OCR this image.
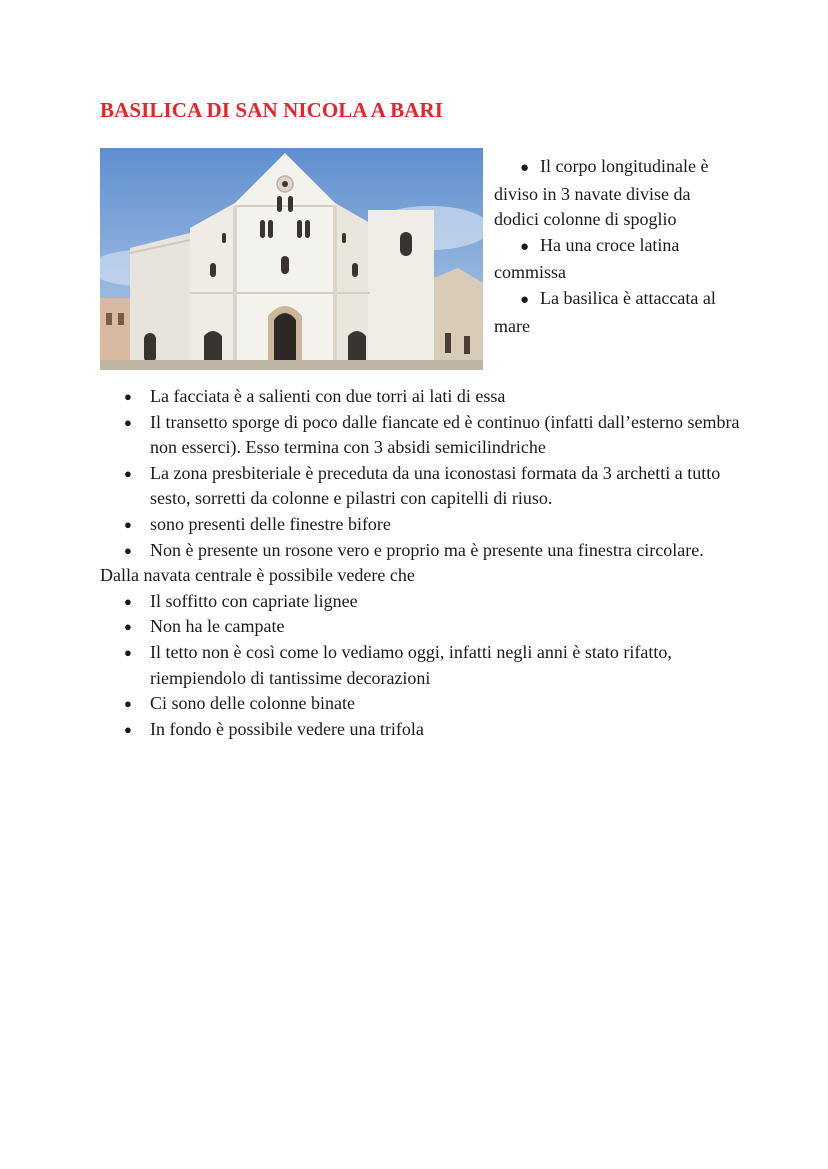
BASILICA DI SAN NICOLA A BARI

● Il corpo longitudinale è diviso in 3 navate divise da dodici colonne di spoglio

● Ha una croce latina commissa

● La basilica è attaccata al mare

● La facciata è a salienti con due torri ai lati di essa
● Il transetto sporge di poco dalle fiancate ed è continuo (infatti dall’esterno sembra non esserci). Esso termina con 3 absidi semicilindriche
● La zona presbiteriale è preceduta da una iconostasi formata da 3 archetti a tutto sesto, sorretti da colonne e pilastri con capitelli di riuso.
● sono presenti delle finestre bifore
● Non è presente un rosone vero e proprio ma è presente una finestra circolare.

Dalla navata centrale è possibile vedere che

● Il soffitto con capriate lignee
● Non ha le campate
● Il tetto non è così come lo vediamo oggi, infatti negli anni è stato rifatto, riempiendolo di tantissime decorazioni
● Ci sono delle colonne binate
● In fondo è possibile vedere una trifola
